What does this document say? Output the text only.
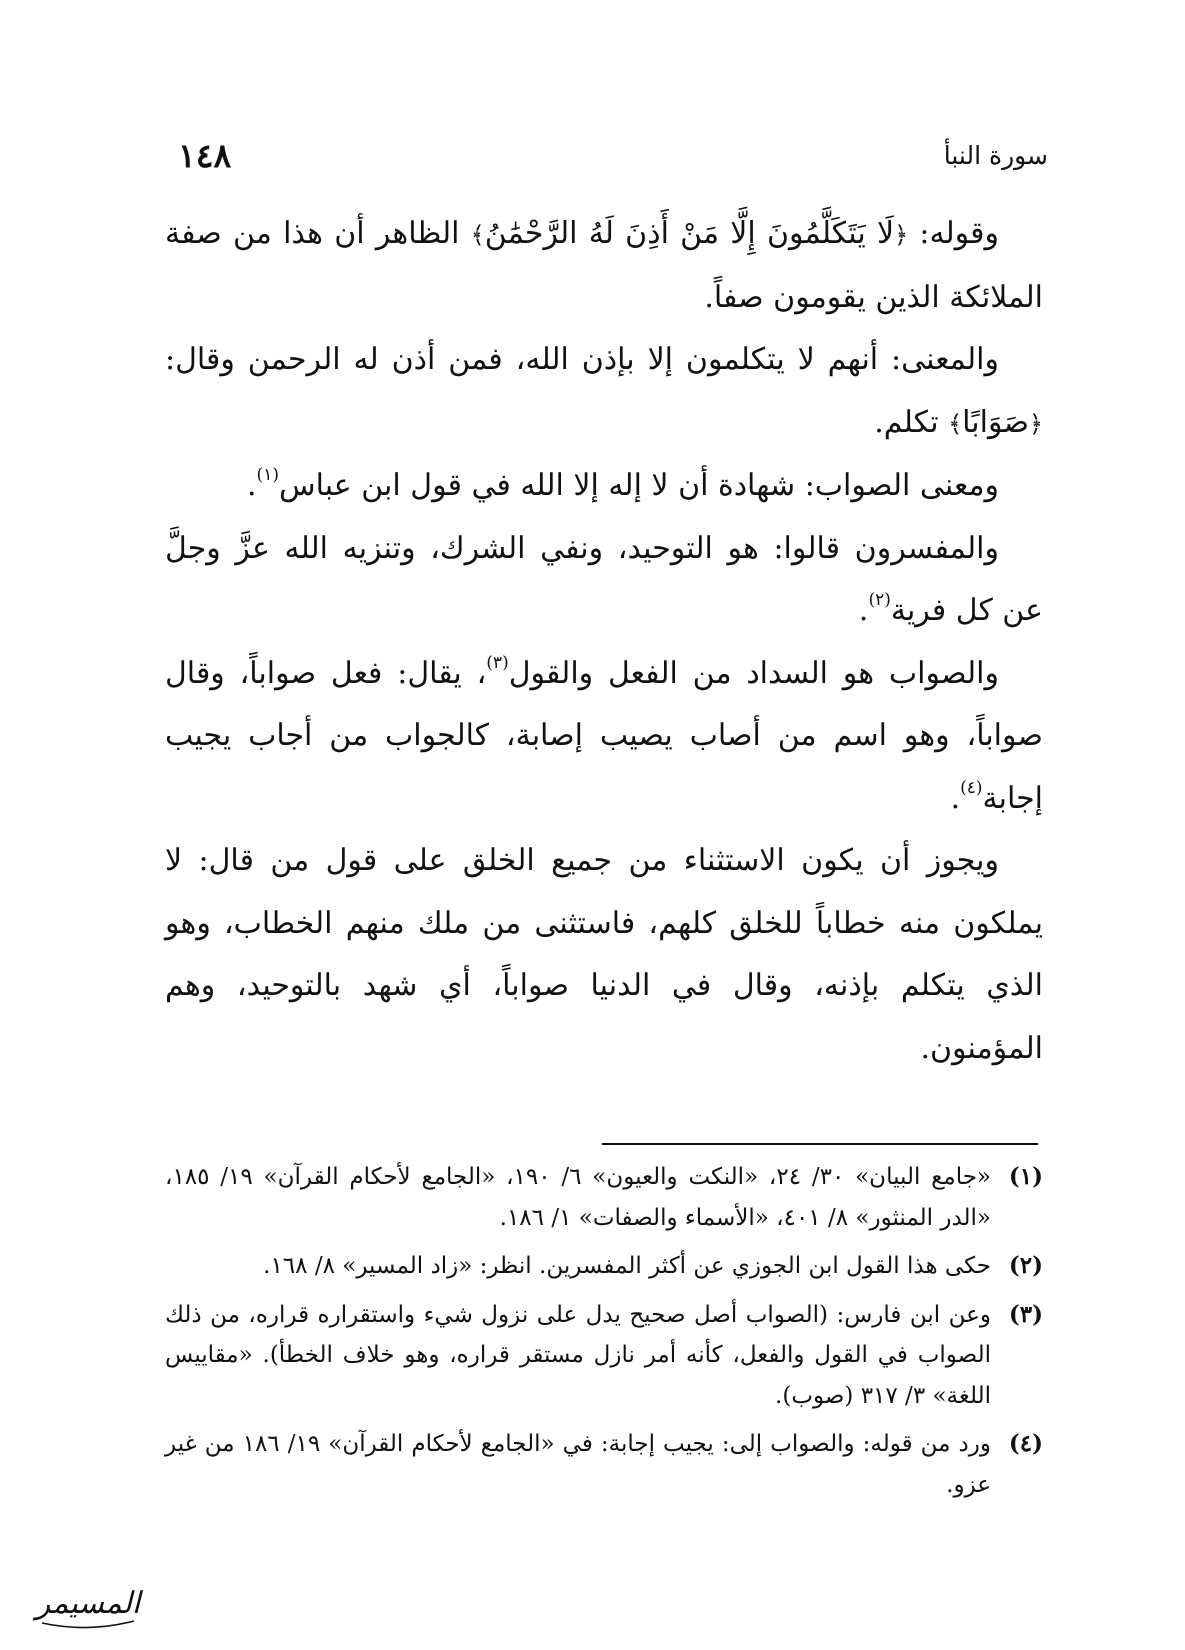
سورة النبأ
١٤٨

وقوله: ﴿لَا يَتَكَلَّمُونَ إِلَّا مَنْ أَذِنَ لَهُ الرَّحْمَٰنُ﴾ الظاهر أن هذا من صفة الملائكة الذين يقومون صفاً.

والمعنى: أنهم لا يتكلمون إلا بإذن الله، فمن أذن له الرحمن وقال: ﴿صَوَابًا﴾ تكلم.

ومعنى الصواب: شهادة أن لا إله إلا الله في قول ابن عباس$^{(١)}$.

والمفسرون قالوا: هو التوحيد، ونفي الشرك، وتنزيه الله عزَّ وجلَّ عن كل فرية$^{(٢)}$.

والصواب هو السداد من الفعل والقول$^{(٣)}$، يقال: فعل صواباً، وقال صواباً، وهو اسم من أصاب يصيب إصابة، كالجواب من أجاب يجيب إجابة$^{(٤)}$.

ويجوز أن يكون الاستثناء من جميع الخلق على قول من قال: لا يملكون منه خطاباً للخلق كلهم، فاستثنى من ملك منهم الخطاب، وهو الذي يتكلم بإذنه، وقال في الدنيا صواباً، أي شهد بالتوحيد، وهم المؤمنون.

(١)
«جامع البيان» ٣٠/ ٢٤، «النكت والعيون» ٦/ ١٩٠، «الجامع لأحكام القرآن» ١٩/ ١٨٥، «الدر المنثور» ٨/ ٤٠١، «الأسماء والصفات» ١/ ١٨٦.
(٢)
حكى هذا القول ابن الجوزي عن أكثر المفسرين. انظر: «زاد المسير» ٨/ ١٦٨.
(٣)
وعن ابن فارس: (الصواب أصل صحيح يدل على نزول شيء واستقراره قراره، من ذلك الصواب في القول والفعل، كأنه أمر نازل مستقر قراره، وهو خلاف الخطأ). «مقاييس اللغة» ٣/ ٣١٧ (صوب).
(٤)
ورد من قوله: والصواب إلى: يجيب إجابة: في «الجامع لأحكام القرآن» ١٩/ ١٨٦ من غير عزو.
المسيمر
